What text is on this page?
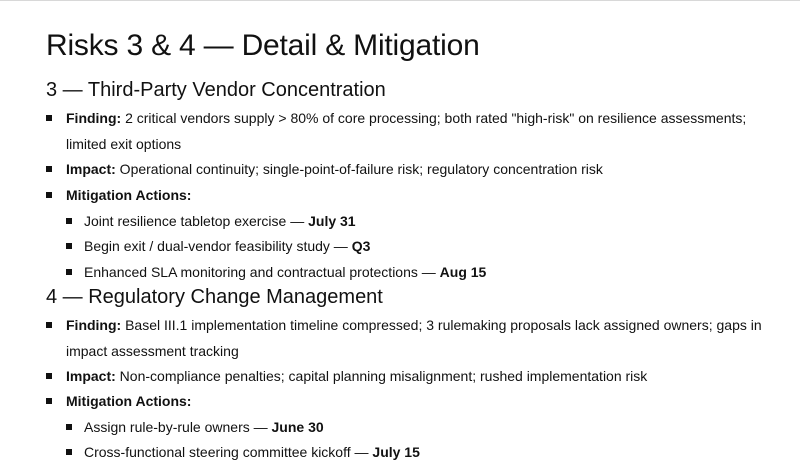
Risks 3 & 4 — Detail & Mitigation
3 — Third-Party Vendor Concentration
Finding: 2 critical vendors supply > 80% of core processing; both rated "high-risk" on resilience assessments; limited exit options
Impact: Operational continuity; single-point-of-failure risk; regulatory concentration risk
Mitigation Actions:
Joint resilience tabletop exercise — July 31
Begin exit / dual-vendor feasibility study — Q3
Enhanced SLA monitoring and contractual protections — Aug 15
4 — Regulatory Change Management
Finding: Basel III.1 implementation timeline compressed; 3 rulemaking proposals lack assigned owners; gaps in impact assessment tracking
Impact: Non-compliance penalties; capital planning misalignment; rushed implementation risk
Mitigation Actions:
Assign rule-by-rule owners — June 30
Cross-functional steering committee kickoff — July 15
